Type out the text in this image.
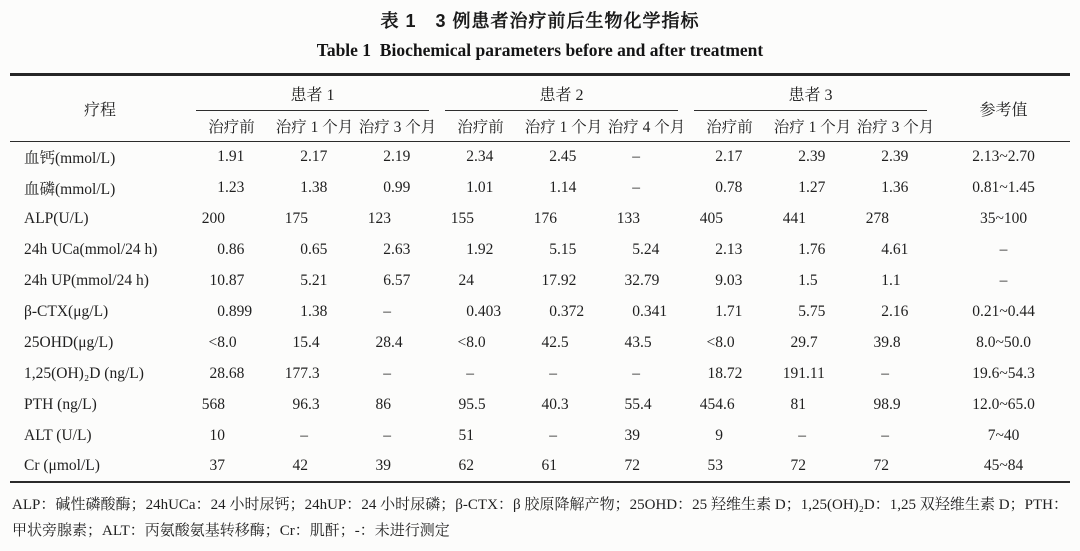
表 1　3 例患者治疗前后生物化学指标
Table 1  Biochemical parameters before and after treatment
疗程	患者 1			患者 2			患者 3			参考值
	治疗前	治疗 1 个月	治疗 3 个月	治疗前	治疗 1 个月	治疗 4 个月	治疗前	治疗 1 个月	治疗 3 个月	
血钙(mmol/L)	1.91	2.17	2.19	2.34	2.45	–	2.17	2.39	2.39	2.13~2.70
血磷(mmol/L)	1.23	1.38	0.99	1.01	1.14	–	0.78	1.27	1.36	0.81~1.45
ALP(U/L)	200	175	123	155	176	133	405	441	278	35~100
24h UCa(mmol/24 h)	0.86	0.65	2.63	1.92	5.15	5.24	2.13	1.76	4.61	–
24h UP(mmol/24 h)	10.87	5.21	6.57	24	17.92	32.79	9.03	1.5	1.1	–
β-CTX(μg/L)	0.899	1.38	–	0.403	0.372	0.341	1.71	5.75	2.16	0.21~0.44
25OHD(μg/L)	<8.0	15.4	28.4	<8.0	42.5	43.5	<8.0	29.7	39.8	8.0~50.0
1,25(OH)₂D (ng/L)	28.68	177.3	–	–	–	–	18.72	191.11	–	19.6~54.3
PTH (ng/L)	568	96.3	86	95.5	40.3	55.4	454.6	81	98.9	12.0~65.0
ALT (U/L)	10	–	–	51	–	39	9	–	–	7~40
Cr (μmol/L)	37	42	39	62	61	72	53	72	72	45~84
ALP：碱性磷酸酶；24hUCa：24 小时尿钙；24hUP：24 小时尿磷；β-CTX：β 胶原降解产物；25OHD：25 羟维生素 D；1,25(OH)₂D：1,25 双羟维生素 D；PTH：甲状旁腺素；ALT：丙氨酸氨基转移酶；Cr：肌酐；-：未进行测定
